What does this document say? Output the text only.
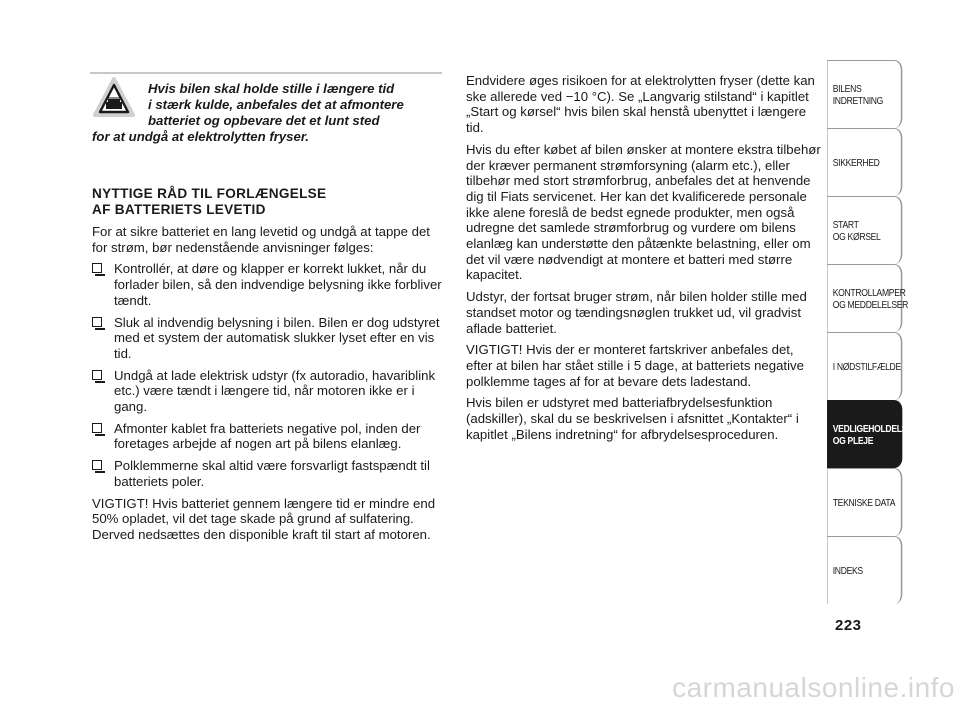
Hvis bilen skal holde stille i længere tid
i stærk kulde, anbefales det at afmontere
batteriet og opbevare det et lunt sted
for at undgå at elektrolytten fryser.
NYTTIGE RÅD TIL FORLÆNGELSE
AF BATTERIETS LEVETID

For at sikre batteriet en lang levetid og undgå at tappe det for strøm, bør nedenstående anvisninger følges:

Kontrollér, at døre og klapper er korrekt lukket, når du forlader bilen, så den indvendige belysning ikke forbliver tændt.
Sluk al indvendig belysning i bilen. Bilen er dog udstyret med et system der automatisk slukker lyset efter en vis tid.
Undgå at lade elektrisk udstyr (fx autoradio, havariblink etc.) være tændt i længere tid, når motoren ikke er i gang.
Afmonter kablet fra batteriets negative pol, inden der foretages arbejde af nogen art på bilens elanlæg.
Polklemmerne skal altid være forsvarligt fastspændt til batteriets poler.

VIGTIGT! Hvis batteriet gennem længere tid er mindre end 50% opladet, vil det tage skade på grund af sulfatering. Derved nedsættes den disponible kraft til start af motoren.

Endvidere øges risikoen for at elektrolytten fryser (dette kan ske allerede ved −10 °C). Se „Langvarig stilstand“ i kapitlet „Start og kørsel“ hvis bilen skal henstå ubenyttet i længere tid.

Hvis du efter købet af bilen ønsker at montere ekstra tilbehør der kræver permanent strømforsyning (alarm etc.), eller tilbehør med stort strømforbrug, anbefales det at henvende dig til Fiats servicenet. Her kan det kvalificerede personale ikke alene foreslå de bedst egnede produkter, men også udregne det samlede strømforbrug og vurdere om bilens elanlæg kan understøtte den påtænkte belastning, eller om det vil være nødvendigt at montere et batteri med større kapacitet.

Udstyr, der fortsat bruger strøm, når bilen holder stille med standset motor og tændingsnøglen trukket ud, vil gradvist aflade batteriet.

VIGTIGT! Hvis der er monteret fartskriver anbefales det, efter at bilen har stået stille i 5 dage, at batteriets negative polklemme tages af for at bevare dets ladestand.

Hvis bilen er udstyret med batteriafbrydelsesfunktion (adskiller), skal du se beskrivelsen i afsnittet „Kontakter“ i kapitlet „Bilens indretning“ for afbrydelsesproceduren.

BILENS
INDRETNING
SIKKERHED
START
OG KØRSEL
KONTROLLAMPER
OG MEDDELELSER
I NØDSTILFÆLDE
VEDLIGEHOLDELSE
OG PLEJE
TEKNISKE DATA
INDEKS
223
carmanualsonline.info
